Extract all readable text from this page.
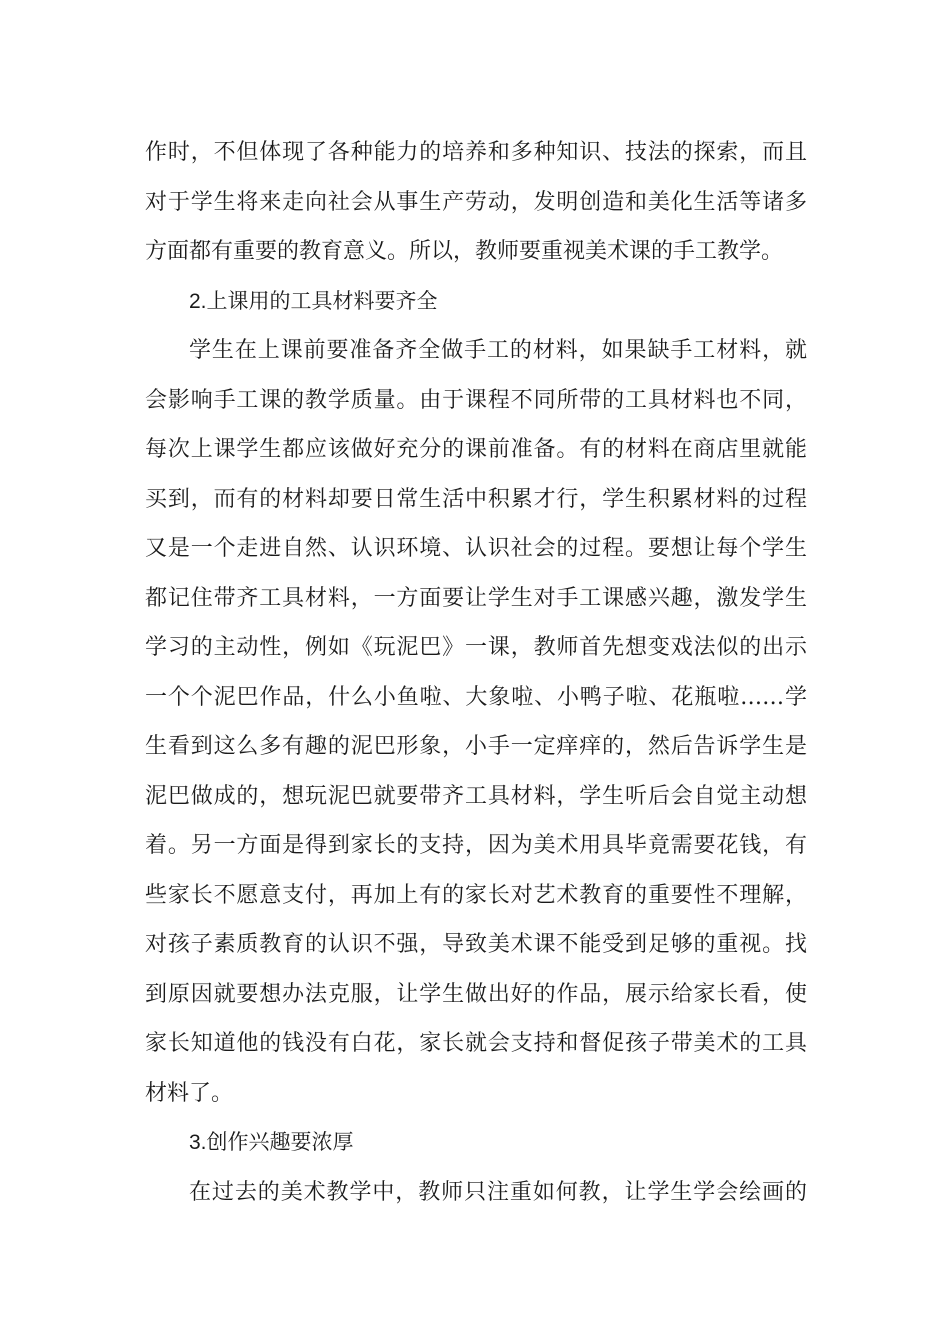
作时，不但体现了各种能力的培养和多种知识、技法的探索，而且
对于学生将来走向社会从事生产劳动，发明创造和美化生活等诸多
方面都有重要的教育意义。所以，教师要重视美术课的手工教学。
2.上课用的工具材料要齐全
学生在上课前要准备齐全做手工的材料，如果缺手工材料，就
会影响手工课的教学质量。由于课程不同所带的工具材料也不同，
每次上课学生都应该做好充分的课前准备。有的材料在商店里就能
买到，而有的材料却要日常生活中积累才行，学生积累材料的过程
又是一个走进自然、认识环境、认识社会的过程。要想让每个学生
都记住带齐工具材料，一方面要让学生对手工课感兴趣，激发学生
学习的主动性，例如《玩泥巴》一课，教师首先想变戏法似的出示
一个个泥巴作品，什么小鱼啦、大象啦、小鸭子啦、花瓶啦……学
生看到这么多有趣的泥巴形象，小手一定痒痒的，然后告诉学生是
泥巴做成的，想玩泥巴就要带齐工具材料，学生听后会自觉主动想
着。另一方面是得到家长的支持，因为美术用具毕竟需要花钱，有
些家长不愿意支付，再加上有的家长对艺术教育的重要性不理解，
对孩子素质教育的认识不强，导致美术课不能受到足够的重视。找
到原因就要想办法克服，让学生做出好的作品，展示给家长看，使
家长知道他的钱没有白花，家长就会支持和督促孩子带美术的工具
材料了。
3.创作兴趣要浓厚
在过去的美术教学中，教师只注重如何教，让学生学会绘画的
